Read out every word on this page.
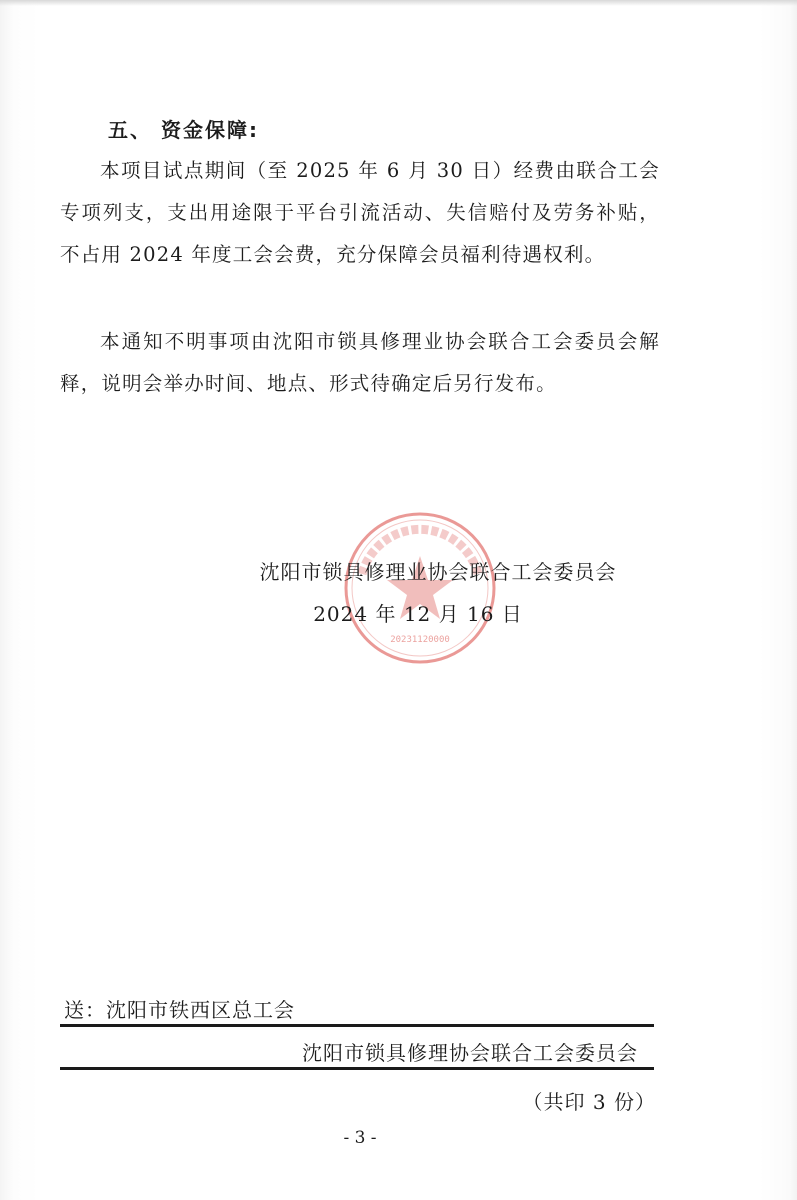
五、 资金保障:

本项目试点期间（至 2025 年 6 月 30 日）经费由联合工会专项列支，支出用途限于平台引流活动、失信赔付及劳务补贴，不占用 2024 年度工会会费，充分保障会员福利待遇权利。

本通知不明事项由沈阳市锁具修理业协会联合工会委员会解释，说明会举办时间、地点、形式待确定后另行发布。

20231120000
沈阳市锁具修理业协会联合工会委员会
2024 年 12 月 16 日
送：沈阳市铁西区总工会
沈阳市锁具修理协会联合工会委员会
（共印 3 份）
- 3 -
